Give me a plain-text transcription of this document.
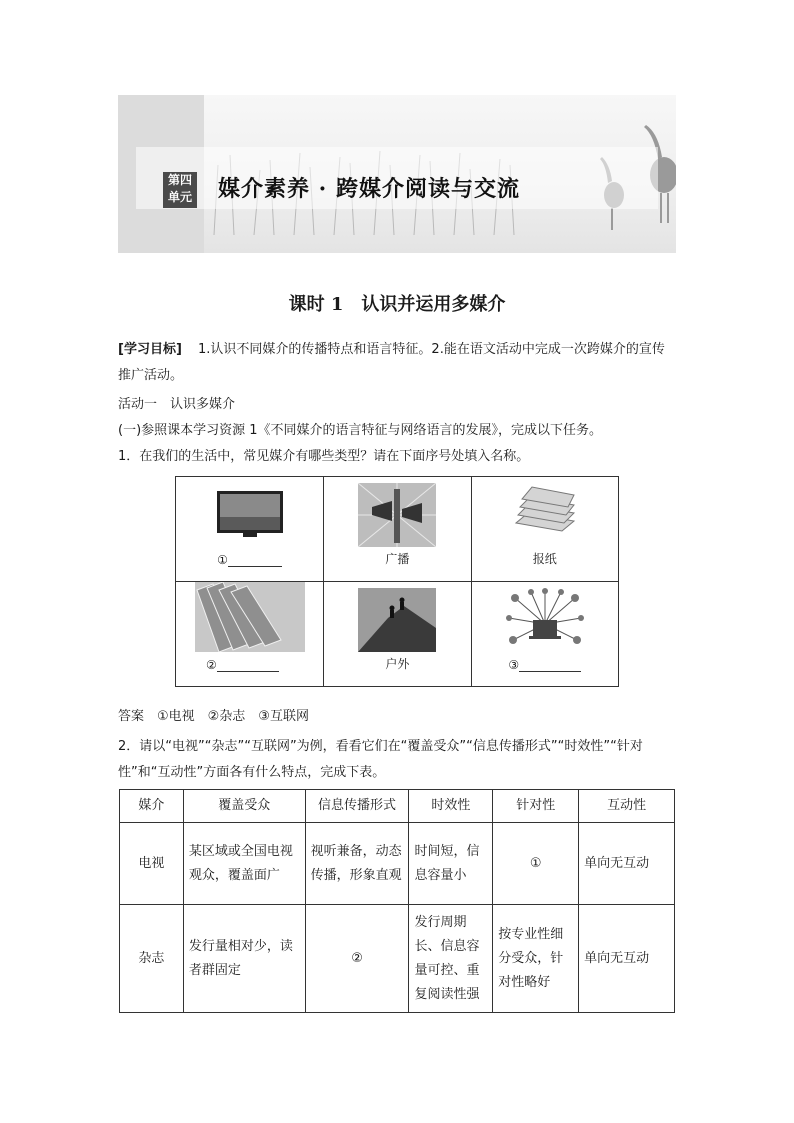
第四
单元 媒介素养 · 跨媒介阅读与交流
课时 1　认识并运用多媒介
[学习目标] 1.认识不同媒介的传播特点和语言特征。2.能在语文活动中完成一次跨媒介的宣传推广活动。
活动一　认识多媒介
(一)参照课本学习资源 1《不同媒介的语言特征与网络语言的发展》，完成以下任务。
1．在我们的生活中，常见媒介有哪些类型？请在下面序号处填入名称。
①	广播	报纸

②	户外	③
答案　①电视　②杂志　③互联网
2．请以“电视”“杂志”“互联网”为例，看看它们在“覆盖受众”“信息传播形式”“时效性”“针对性”和“互动性”方面各有什么特点，完成下表。
媒介	覆盖受众	信息传播形式	时效性	针对性	互动性
电视	某区域或全国电视观众，覆盖面广	视听兼备，动态传播，形象直观	时间短，信息容量小	①	单向无互动
杂志	发行量相对少，读者群固定	②	发行周期长、信息容量可控、重复阅读性强	按专业性细分受众，针对性略好	单向无互动
